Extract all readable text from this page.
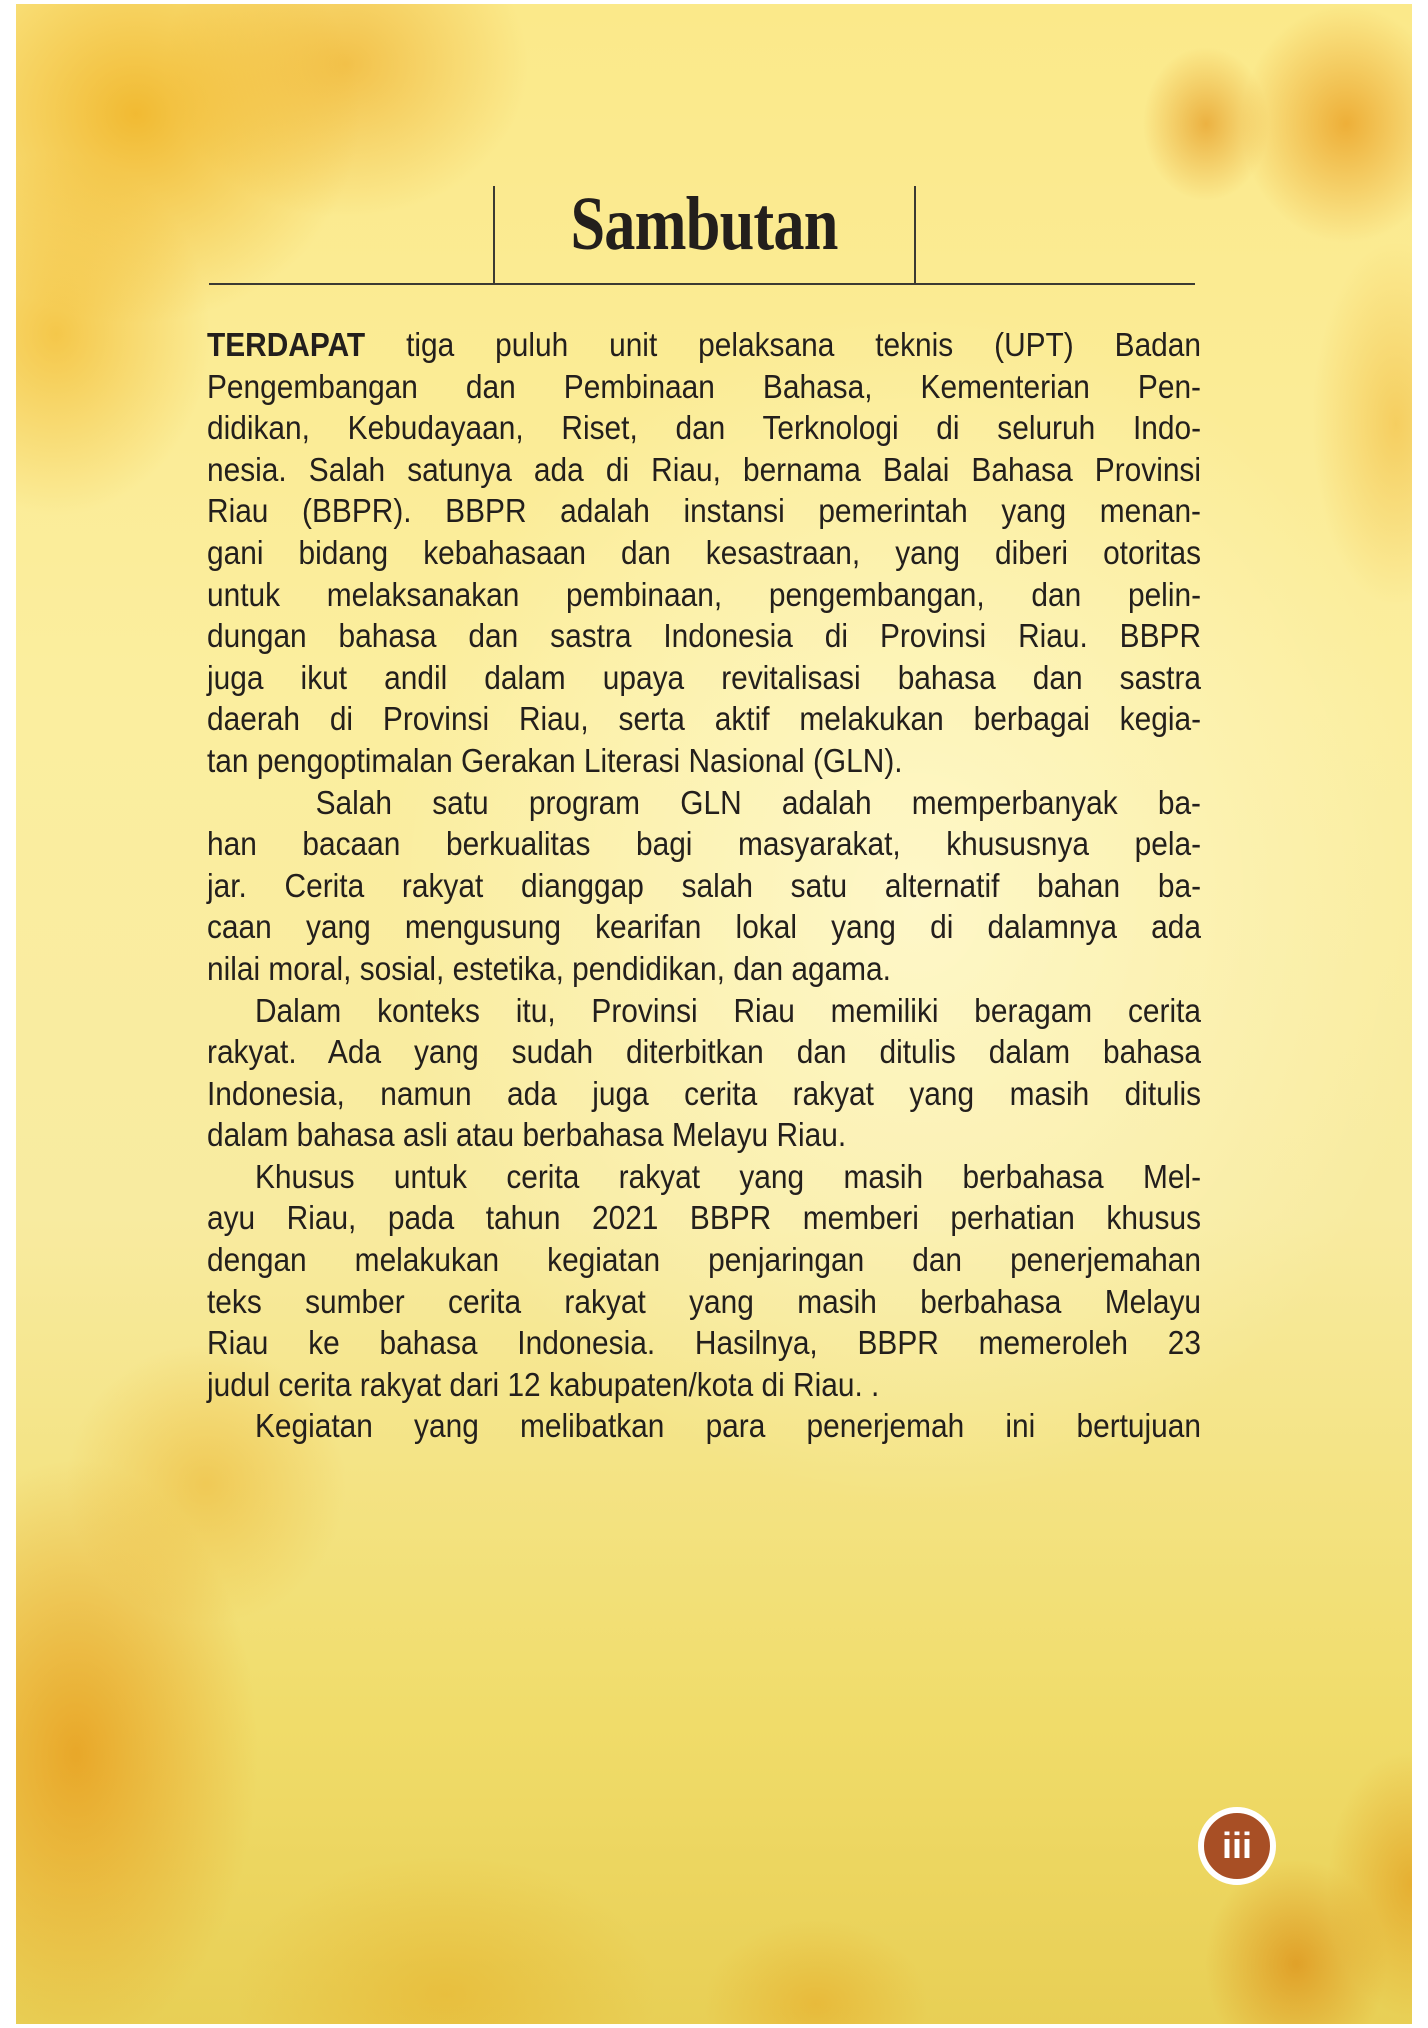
Sambutan
TERDAPAT tiga puluh unit pelaksana teknis (UPT) Badan
Pengembangan dan Pembinaan Bahasa, Kementerian Pen-
didikan, Kebudayaan, Riset, dan Terknologi di seluruh Indo-
nesia. Salah satunya ada di Riau, bernama Balai Bahasa Provinsi
Riau (BBPR). BBPR adalah instansi pemerintah yang menan-
gani bidang kebahasaan dan kesastraan, yang diberi otoritas
untuk melaksanakan pembinaan, pengembangan, dan pelin-
dungan bahasa dan sastra Indonesia di Provinsi Riau. BBPR
juga ikut andil dalam upaya revitalisasi bahasa dan sastra
daerah di Provinsi Riau, serta aktif melakukan berbagai kegia-
tan pengoptimalan Gerakan Literasi Nasional (GLN).
Salah satu program GLN adalah memperbanyak ba-
han bacaan berkualitas bagi masyarakat, khususnya pela-
jar. Cerita rakyat dianggap salah satu alternatif bahan ba-
caan yang mengusung kearifan lokal yang di dalamnya ada
nilai moral, sosial, estetika, pendidikan, dan agama.
Dalam konteks itu, Provinsi Riau memiliki beragam cerita
rakyat. Ada yang sudah diterbitkan dan ditulis dalam bahasa
Indonesia, namun ada juga cerita rakyat yang masih ditulis
dalam bahasa asli atau berbahasa Melayu Riau.
Khusus untuk cerita rakyat yang masih berbahasa Mel-
ayu Riau, pada tahun 2021 BBPR memberi perhatian khusus
dengan melakukan kegiatan penjaringan dan penerjemahan
teks sumber cerita rakyat yang masih berbahasa Melayu
Riau ke bahasa Indonesia. Hasilnya, BBPR memeroleh 23
judul cerita rakyat dari 12 kabupaten/kota di Riau. .
Kegiatan yang melibatkan para penerjemah ini bertujuan
iii
